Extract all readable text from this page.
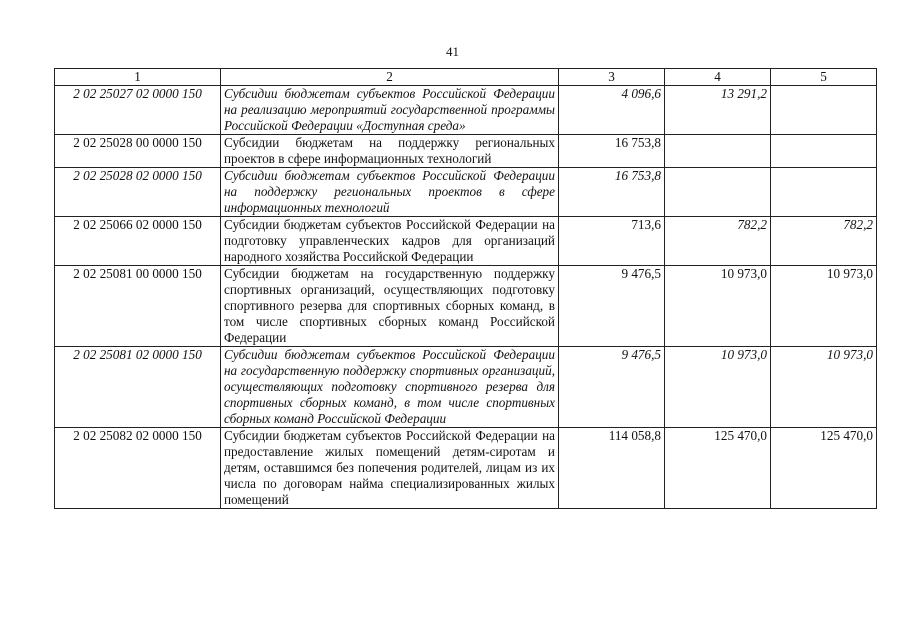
41
1	2	3	4	5
2 02 25027 02 0000 150	Субсидии бюджетам субъектов Российской Федерации на реализацию мероприятий государственной программы Российской Федерации «Доступная среда»	4 096,6	13 291,2	
2 02 25028 00 0000 150	Субсидии бюджетам на поддержку региональных проектов в сфере информационных технологий	16 753,8		
2 02 25028 02 0000 150	Субсидии бюджетам субъектов Российской Федерации на поддержку региональных проектов в сфере информационных технологий	16 753,8		
2 02 25066 02 0000 150	Субсидии бюджетам субъектов Российской Федерации на подготовку управленческих кадров для организаций народного хозяйства Российской Федерации	713,6	782,2	782,2
2 02 25081 00 0000 150	Субсидии бюджетам на государственную поддержку спортивных организаций, осуществляющих подготовку спортивного резерва для спортивных сборных команд, в том числе спортивных сборных команд Российской Федерации	9 476,5	10 973,0	10 973,0
2 02 25081 02 0000 150	Субсидии бюджетам субъектов Российской Федерации на государственную поддержку спортивных организаций, осуществляющих подготовку спортивного резерва для спортивных сборных команд, в том числе спортивных сборных команд Российской Федерации	9 476,5	10 973,0	10 973,0
2 02 25082 02 0000 150	Субсидии бюджетам субъектов Российской Федерации на предоставление жилых помещений детям-сиротам и детям, оставшимся без попечения родителей, лицам из их числа по договорам найма специализированных жилых помещений	114 058,8	125 470,0	125 470,0
